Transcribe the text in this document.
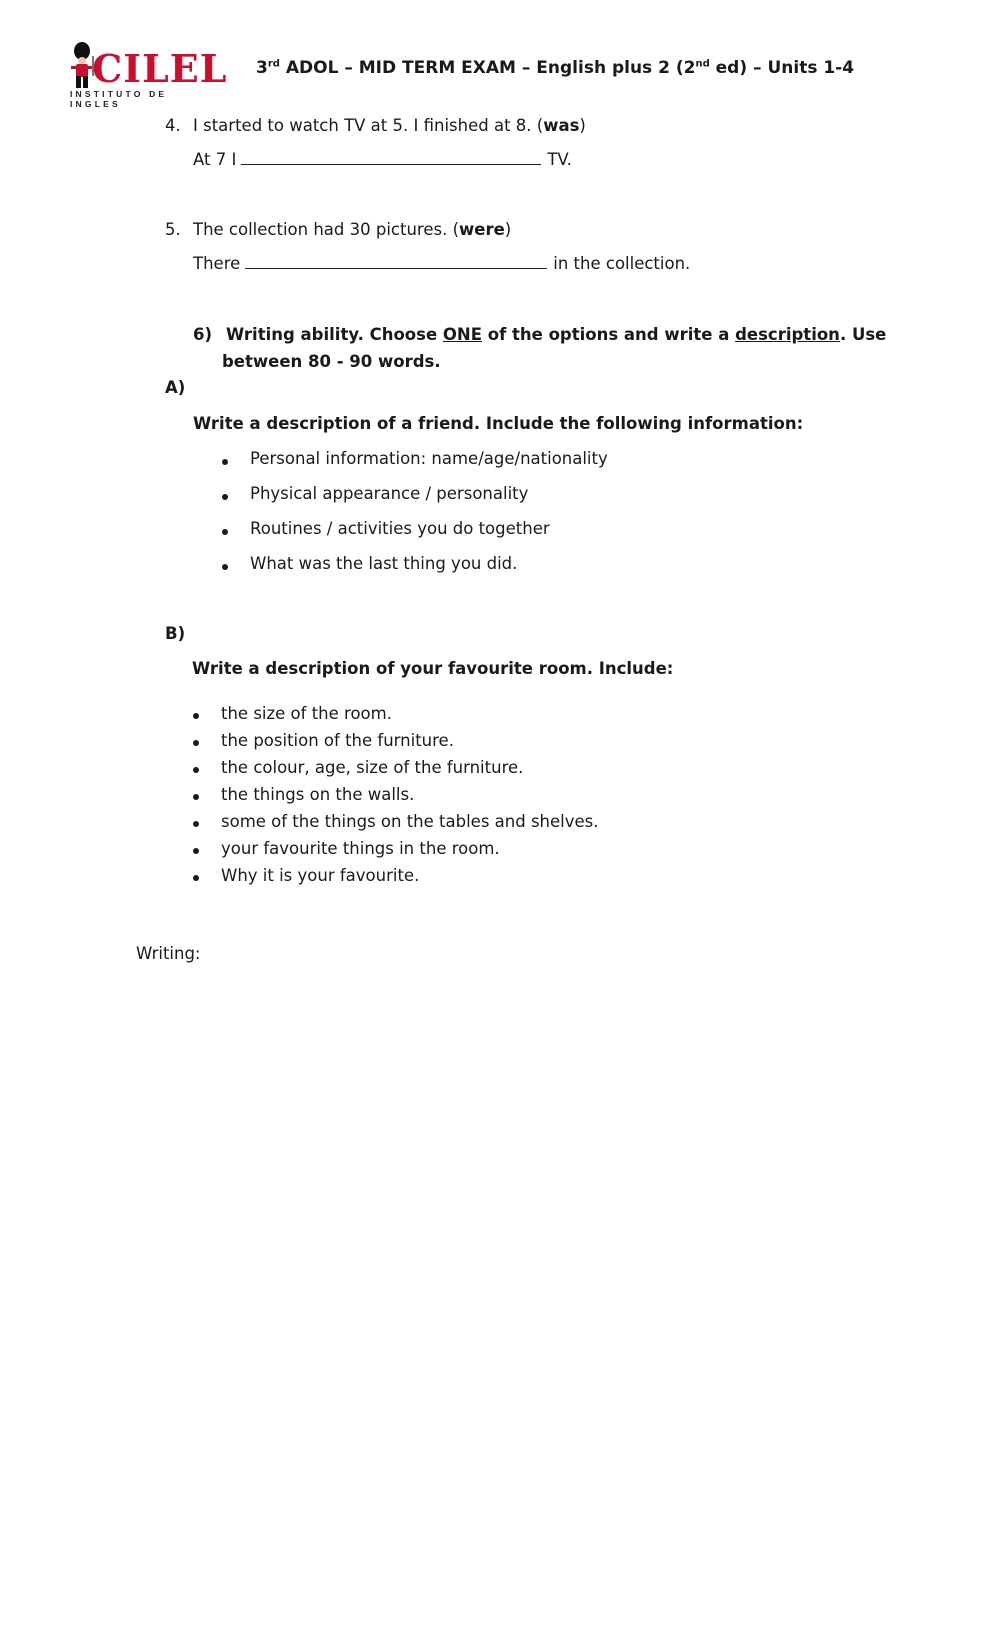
CILEL
INSTITUTO DE INGLES
3rd ADOL – MID TERM EXAM – English plus 2 (2nd ed) – Units 1-4
4. I started to watch TV at 5. I finished at 8. (was)
At 7 I	TV.
5. The collection had 30 pictures. (were)
There	in the collection.
6) Writing ability. Choose ONE of the options and write a description. Use
between 80 - 90 words.
A)
Write a description of a friend. Include the following information:
Personal information: name/age/nationality
Physical appearance / personality
Routines / activities you do together
What was the last thing you did.
B)
Write a description of your favourite room. Include:
the size of the room.
the position of the furniture.
the colour, age, size of the furniture.
the things on the walls.
some of the things on the tables and shelves.
your favourite things in the room.
Why it is your favourite.
Writing:
